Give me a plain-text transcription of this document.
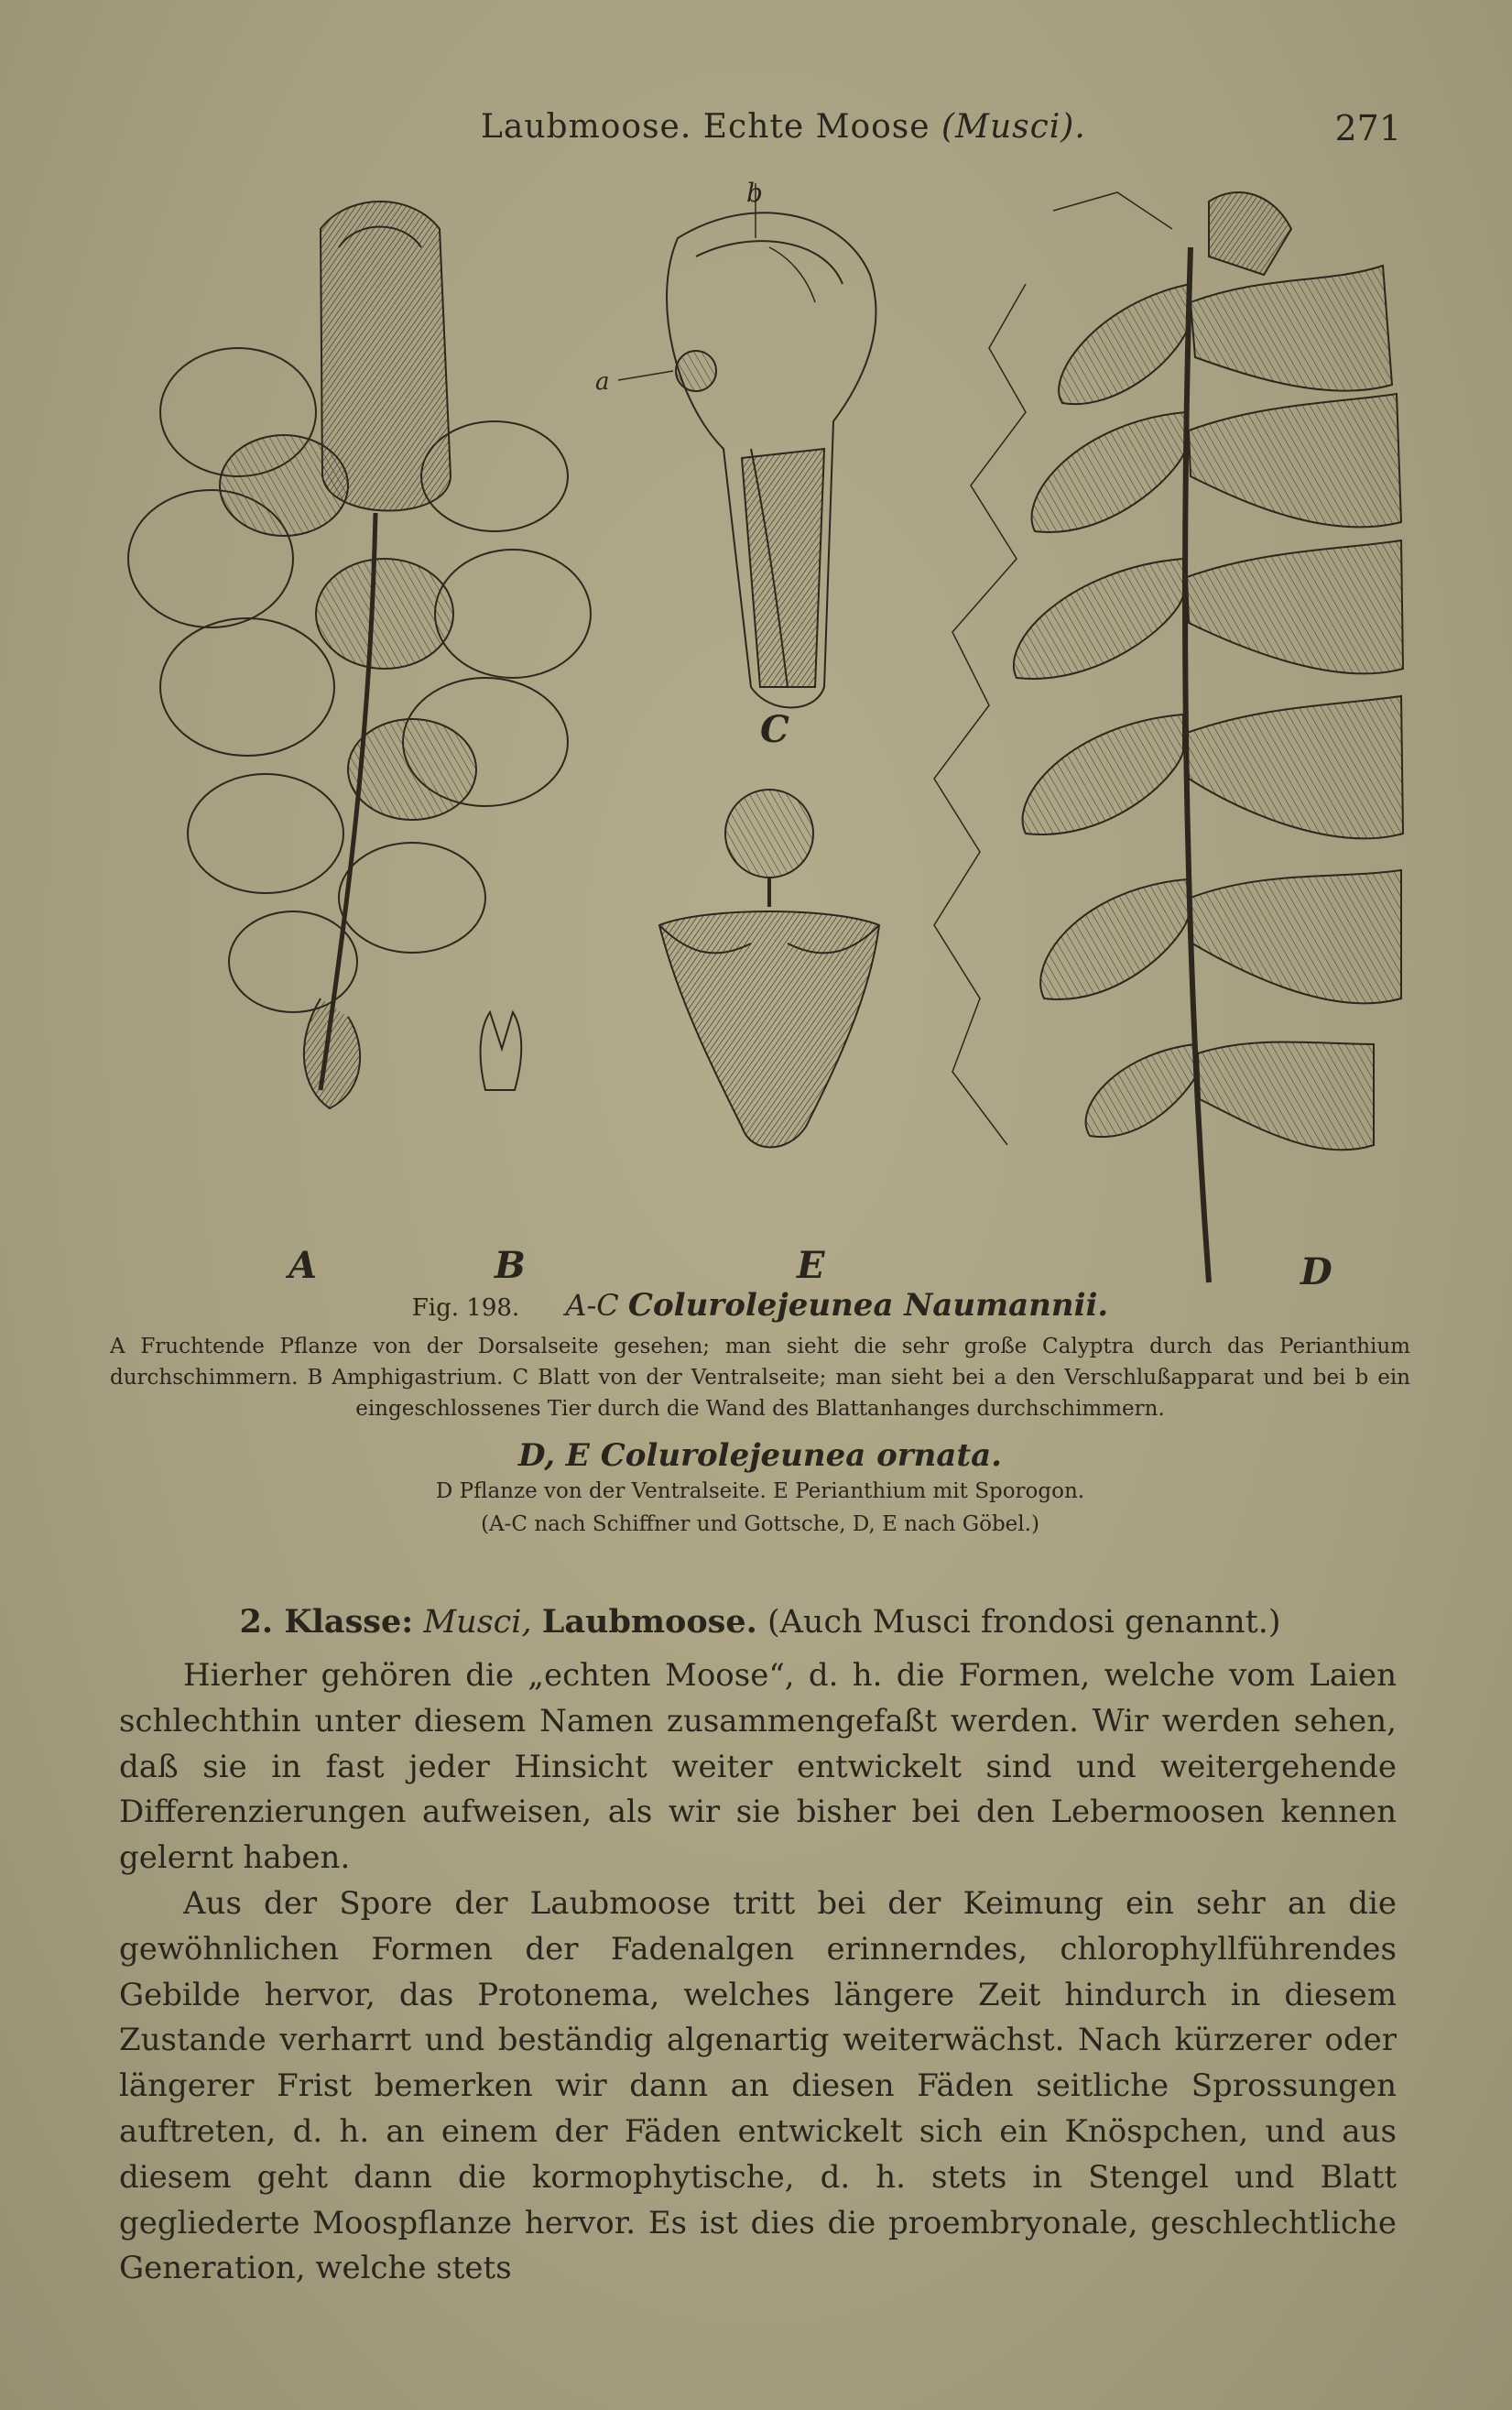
Laubmoose. Echte Moose (Musci).	271
A	B
C
E	D
a
b

Fig. 198. A-C Colurolejeunea Naumannii.

A Fruchtende Pflanze von der Dorsalseite gesehen; man sieht die sehr große Calyptra durch das Perianthium durchschimmern. B Amphigastrium. C Blatt von der Ventralseite; man sieht bei a den Verschlußapparat und bei b ein eingeschlossenes Tier durch die Wand des Blattanhanges durchschimmern.

D, E Colurolejeunea ornata.

D Pflanze von der Ventralseite. E Perianthium mit Sporogon.

(A-C nach Schiffner und Gottsche, D, E nach Göbel.)

2. Klasse: Musci, Laubmoose. (Auch Musci frondosi genannt.)

Hierher gehören die „echten Moose“, d. h. die Formen, welche vom Laien schlechthin unter diesem Namen zusammengefaßt werden. Wir werden sehen, daß sie in fast jeder Hinsicht weiter entwickelt sind und weitergehende Differenzierungen aufweisen, als wir sie bisher bei den Lebermoosen kennen gelernt haben.

Aus der Spore der Laubmoose tritt bei der Keimung ein sehr an die gewöhnlichen Formen der Fadenalgen erinnerndes, chlorophyllführendes Gebilde hervor, das Protonema, welches längere Zeit hindurch in diesem Zustande verharrt und beständig algenartig weiterwächst. Nach kürzerer oder längerer Frist bemerken wir dann an diesen Fäden seitliche Sprossungen auftreten, d. h. an einem der Fäden entwickelt sich ein Knöspchen, und aus diesem geht dann die kormophytische, d. h. stets in Stengel und Blatt gegliederte Moospflanze hervor. Es ist dies die proembryonale, geschlechtliche Generation, welche stets
